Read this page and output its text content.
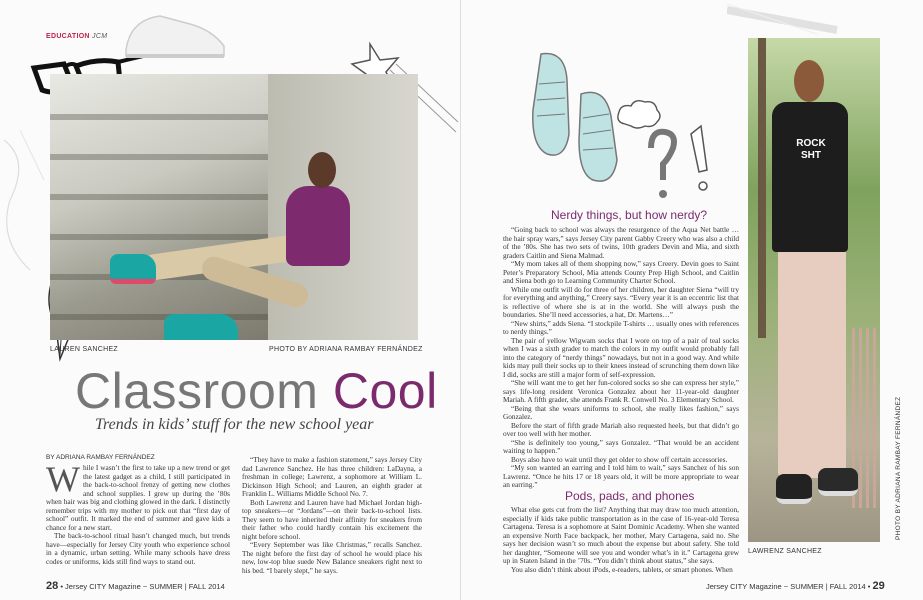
EDUCATION JCM
LAUREN SANCHEZ	PHOTO BY ADRIANA RAMBAY FERNÁNDEZ
Classroom Cool
Trends in kids’ stuff for the new school year
BY ADRIANA RAMBAY FERNÁNDEZ

While I wasn’t the first to take up a new trend or get the latest gadget as a child, I still participated in the back-to-school frenzy of getting new clothes and school supplies. I grew up during the ’80s when hair was big and clothing glowed in the dark. I distinctly remember trips with my mother to pick out that “first day of school” outfit. It marked the end of summer and gave kids a chance for a new start.

The back-to-school ritual hasn’t changed much, but trends have—especially for Jersey City youth who experience school in a dynamic, urban setting. While many schools have dress codes or uniforms, kids still find ways to stand out.

“They have to make a fashion statement,” says Jersey City dad Lawrence Sanchez. He has three children: LaDayna, a freshman in college; Lawrenz, a sophomore at William L. Dickinson High School; and Lauren, an eighth grader at Franklin L. Williams Middle School No. 7.

Both Lawrenz and Lauren have had Michael Jordan high-top sneakers—or “Jordans”—on their back-to-school lists. They seem to have inherited their affinity for sneakers from their father who could hardly contain his excitement the night before school.

“Every September was like Christmas,” recalls Sanchez. The night before the first day of school he would place his new, low-top blue suede New Balance sneakers right next to his bed. “I barely slept,” he says.

28 • Jersey CITY Magazine ~ SUMMER | FALL 2014
Nerdy things, but how nerdy?

“Going back to school was always the resurgence of the Aqua Net battle … the hair spray wars,” says Jersey City parent Gabby Creery who was also a child of the ’80s. She has two sets of twins, 10th graders Devin and Mia, and sixth graders Caitlin and Siena Malmad.

“My mom takes all of them shopping now,” says Creery. Devin goes to Saint Peter’s Preparatory School, Mia attends County Prep High School, and Caitlin and Siena both go to Learning Community Charter School.

While one outfit will do for three of her children, her daughter Siena “will try for everything and anything,” Creery says. “Every year it is an eccentric list that is reflective of where she is at in the world. She will always push the boundaries. She’ll need accessories, a hat, Dr. Martens…”

“New shirts,” adds Siena. “I stockpile T-shirts … usually ones with references to nerdy things.”

The pair of yellow Wigwam socks that I wore on top of a pair of teal socks when I was a sixth grader to match the colors in my outfit would probably fall into the category of “nerdy things” nowadays, but not in a good way. And while kids may pull their socks up to their knees instead of scrunching them down like I did, socks are still a major form of self-expression.

“She will want me to get her fun-colored socks so she can express her style,” says life-long resident Veronica Gonzalez about her 11-year-old daughter Mariah. A fifth grader, she attends Frank R. Conwell No. 3 Elementary School.

“Being that she wears uniforms to school, she really likes fashion,” says Gonzalez.

Before the start of fifth grade Mariah also requested heels, but that didn’t go over too well with her mother.

“She is definitely too young,” says Gonzalez. “That would be an accident waiting to happen.”

Boys also have to wait until they get older to show off certain accessories.

“My son wanted an earring and I told him to wait,” says Sanchez of his son Lawrenz. “Once he hits 17 or 18 years old, it will be more appropriate to wear an earring.”

Pods, pads, and phones

What else gets cut from the list? Anything that may draw too much attention, especially if kids take public transportation as in the case of 16-year-old Teresa Cartagena. Teresa is a sophomore at Saint Dominic Academy. When she wanted an expensive North Face backpack, her mother, Mary Cartagena, said no. She says her decision wasn’t so much about the expense but about safety. She told her daughter, “Someone will see you and wonder what’s in it.” Cartagena grew up in Staten Island in the ’70s. “You didn’t think about status,” she says.

You also didn’t think about iPods, e-readers, tablets, or smart phones. When

Jersey CITY Magazine ~ SUMMER | FALL 2014 • 29
ROCK SHT
LAWRENZ SANCHEZ
PHOTO BY ADRIANA RAMBAY FERNÁNDEZ
